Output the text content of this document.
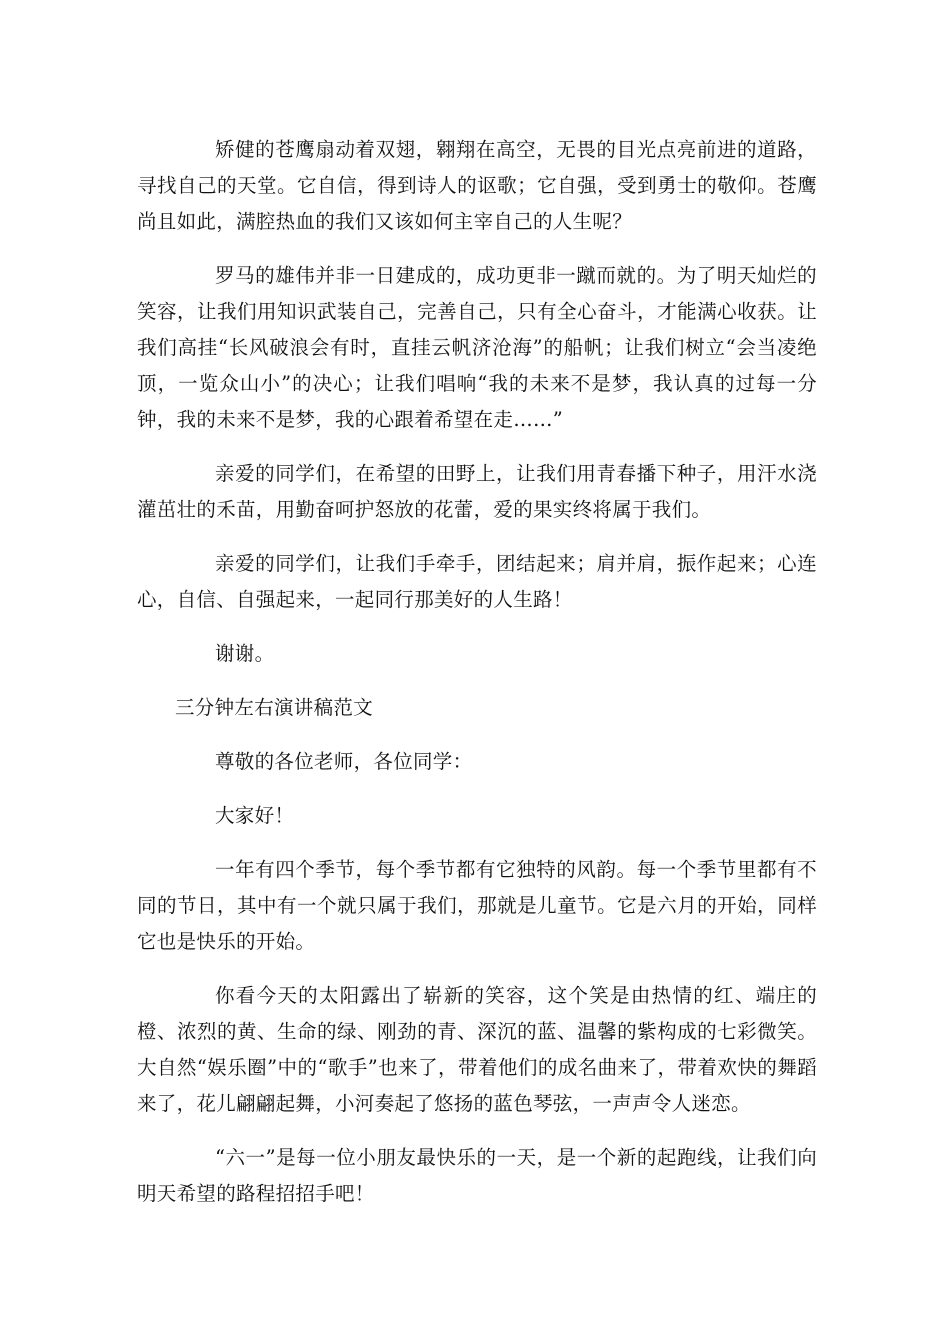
矫健的苍鹰扇动着双翅，翱翔在高空，无畏的目光点亮前进的道路，寻找自己的天堂。它自信，得到诗人的讴歌；它自强，受到勇士的敬仰。苍鹰尚且如此，满腔热血的我们又该如何主宰自己的人生呢？

罗马的雄伟并非一日建成的，成功更非一蹴而就的。为了明天灿烂的笑容，让我们用知识武装自己，完善自己，只有全心奋斗，才能满心收获。让我们高挂“长风破浪会有时，直挂云帆济沧海”的船帆；让我们树立“会当凌绝顶，一览众山小”的决心；让我们唱响“我的未来不是梦，我认真的过每一分钟，我的未来不是梦，我的心跟着希望在走……”

亲爱的同学们，在希望的田野上，让我们用青春播下种子，用汗水浇灌茁壮的禾苗，用勤奋呵护怒放的花蕾，爱的果实终将属于我们。

亲爱的同学们，让我们手牵手，团结起来；肩并肩，振作起来；心连心，自信、自强起来，一起同行那美好的人生路！

谢谢。

三分钟左右演讲稿范文

尊敬的各位老师，各位同学：

大家好！

一年有四个季节，每个季节都有它独特的风韵。每一个季节里都有不同的节日，其中有一个就只属于我们，那就是儿童节。它是六月的开始，同样它也是快乐的开始。

你看今天的太阳露出了崭新的笑容，这个笑是由热情的红、端庄的橙、浓烈的黄、生命的绿、刚劲的青、深沉的蓝、温馨的紫构成的七彩微笑。大自然“娱乐圈”中的“歌手”也来了，带着他们的成名曲来了，带着欢快的舞蹈来了，花儿翩翩起舞，小河奏起了悠扬的蓝色琴弦，一声声令人迷恋。

“六一”是每一位小朋友最快乐的一天，是一个新的起跑线，让我们向明天希望的路程招招手吧！
